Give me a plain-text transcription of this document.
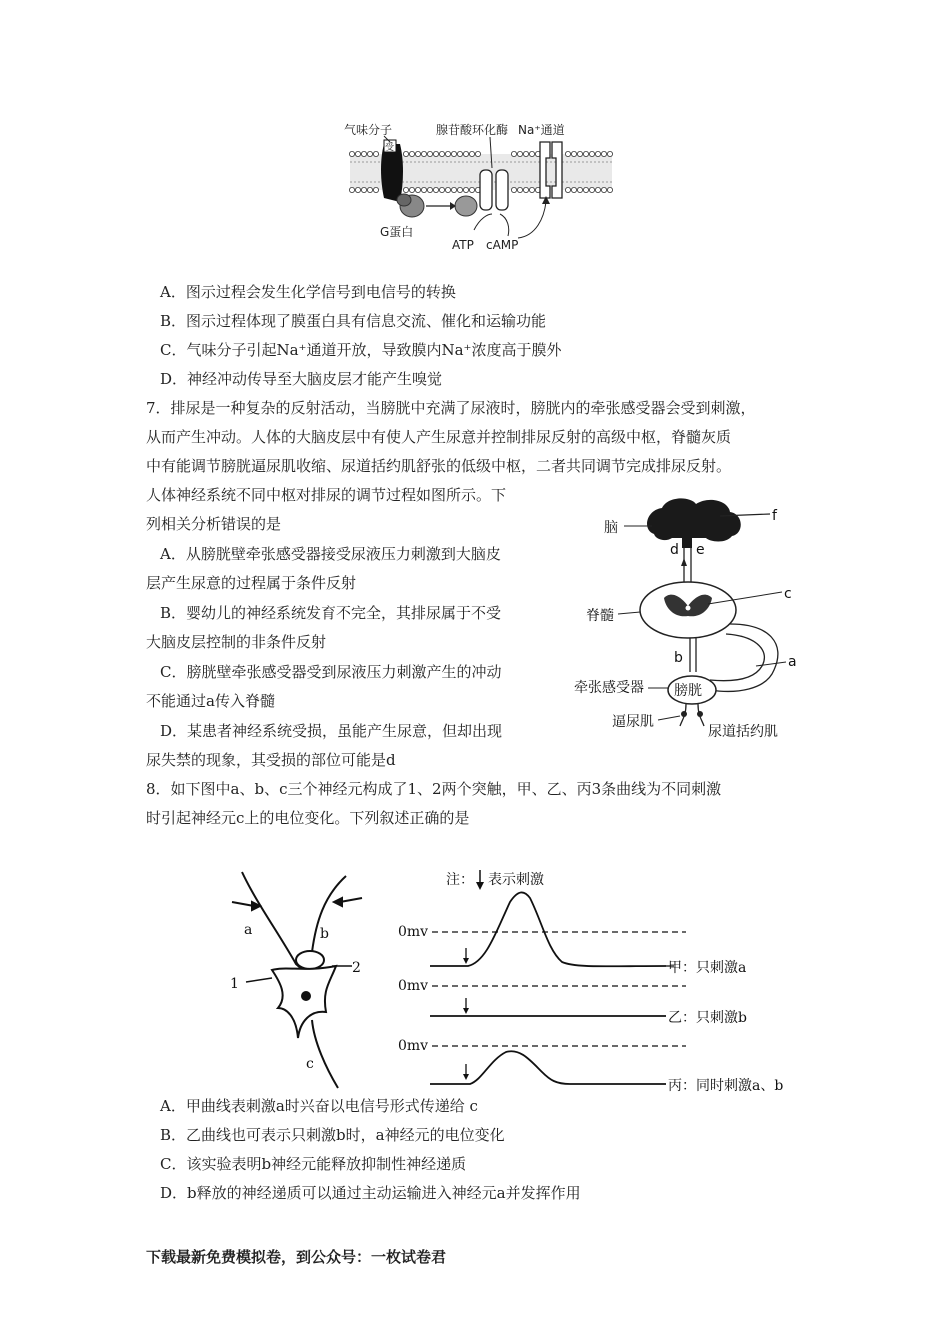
受
气味分子	腺苷酸环化酶 Na⁺通道
G蛋白
ATP cAMP
A．图示过程会发生化学信号到电信号的转换
B．图示过程体现了膜蛋白具有信息交流、催化和运输功能
C．气味分子引起Na⁺通道开放，导致膜内Na⁺浓度高于膜外
D．神经冲动传导至大脑皮层才能产生嗅觉
7．排尿是一种复杂的反射活动，当膀胱中充满了尿液时，膀胱内的牵张感受器会受到刺激，
从而产生冲动。人体的大脑皮层中有使人产生尿意并控制排尿反射的高级中枢，脊髓灰质
中有能调节膀胱逼尿肌收缩、尿道括约肌舒张的低级中枢，二者共同调节完成排尿反射。
人体神经系统不同中枢对排尿的调节过程如图所示。下
列相关分析错误的是
A．从膀胱壁牵张感受器接受尿液压力刺激到大脑皮
层产生尿意的过程属于条件反射
B．婴幼儿的神经系统发育不完全，其排尿属于不受
大脑皮层控制的非条件反射
C．膀胱壁牵张感受器受到尿液压力刺激产生的冲动
不能通过a传入脊髓
D．某患者神经系统受损，虽能产生尿意，但却出现
尿失禁的现象，其受损的部位可能是d
f
脑
d e
脊髓
c
a
b
膀胱
牵张感受器
逼尿肌
尿道括约肌
8．如下图中a、b、c三个神经元构成了1、2两个突触，甲、乙、丙3条曲线为不同刺激
时引起神经元c上的电位变化。下列叙述正确的是
a	b
c
1
2
注： 表示刺激
0mv
甲：只刺激a
0mv
乙：只刺激b
0mv
丙：同时刺激a、b
A．甲曲线表刺激a时兴奋以电信号形式传递给 c
B．乙曲线也可表示只刺激b时，a神经元的电位变化
C．该实验表明b神经元能释放抑制性神经递质
D．b释放的神经递质可以通过主动运输进入神经元a并发挥作用
下载最新免费模拟卷，到公众号：一枚试卷君
